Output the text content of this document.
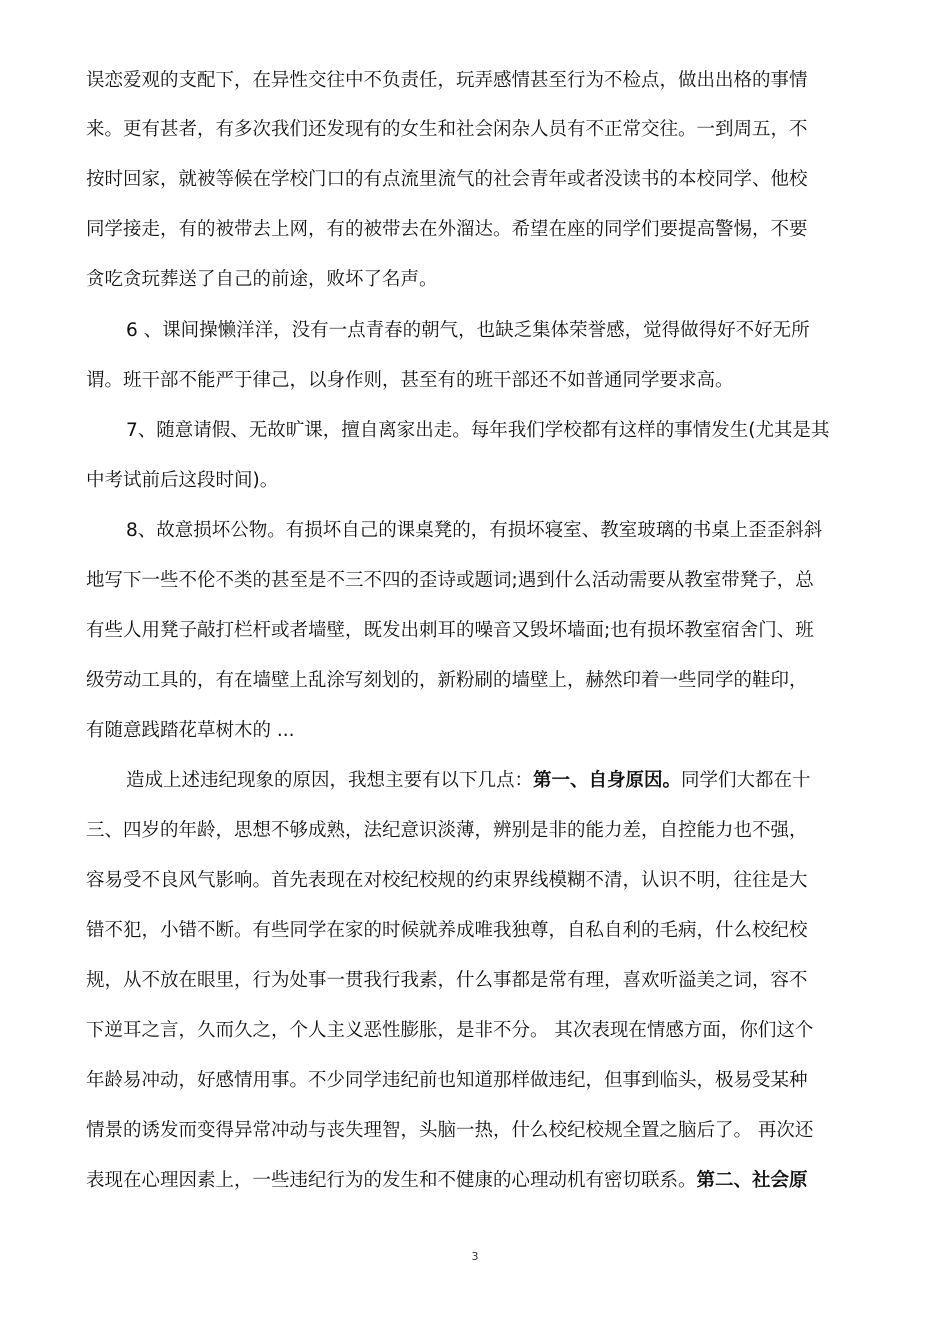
误恋爱观的支配下，在异性交往中不负责任，玩弄感情甚至行为不检点，做出出格的事情
来。更有甚者，有多次我们还发现有的女生和社会闲杂人员有不正常交往。一到周五，不
按时回家，就被等候在学校门口的有点流里流气的社会青年或者没读书的本校同学、他校
同学接走，有的被带去上网，有的被带去在外溜达。希望在座的同学们要提高警惕，不要
贪吃贪玩葬送了自己的前途，败坏了名声。
6 、课间操懒洋洋，没有一点青春的朝气，也缺乏集体荣誉感，觉得做得好不好无所
谓。班干部不能严于律己，以身作则，甚至有的班干部还不如普通同学要求高。
7、随意请假、无故旷课，擅自离家出走。每年我们学校都有这样的事情发生(尤其是其
中考试前后这段时间)。
8、故意损坏公物。有损坏自己的课桌凳的，有损坏寝室、教室玻璃的书桌上歪歪斜斜
地写下一些不伦不类的甚至是不三不四的歪诗或题词;遇到什么活动需要从教室带凳子，总
有些人用凳子敲打栏杆或者墙壁，既发出刺耳的噪音又毁坏墙面;也有损坏教室宿舍门、班
级劳动工具的，有在墙壁上乱涂写刻划的，新粉刷的墙壁上，赫然印着一些同学的鞋印，
有随意践踏花草树木的 ...
造成上述违纪现象的原因，我想主要有以下几点：第一、自身原因。同学们大都在十
三、四岁的年龄，思想不够成熟，法纪意识淡薄，辨别是非的能力差，自控能力也不强，
容易受不良风气影响。首先表现在对校纪校规的约束界线模糊不清，认识不明，往往是大
错不犯，小错不断。有些同学在家的时候就养成唯我独尊，自私自利的毛病，什么校纪校
规，从不放在眼里，行为处事一贯我行我素，什么事都是常有理，喜欢听溢美之词，容不
下逆耳之言，久而久之，个人主义恶性膨胀，是非不分。 其次表现在情感方面，你们这个
年龄易冲动，好感情用事。不少同学违纪前也知道那样做违纪，但事到临头，极易受某种
情景的诱发而变得异常冲动与丧失理智，头脑一热，什么校纪校规全置之脑后了。 再次还
表现在心理因素上，一些违纪行为的发生和不健康的心理动机有密切联系。第二、社会原
3
